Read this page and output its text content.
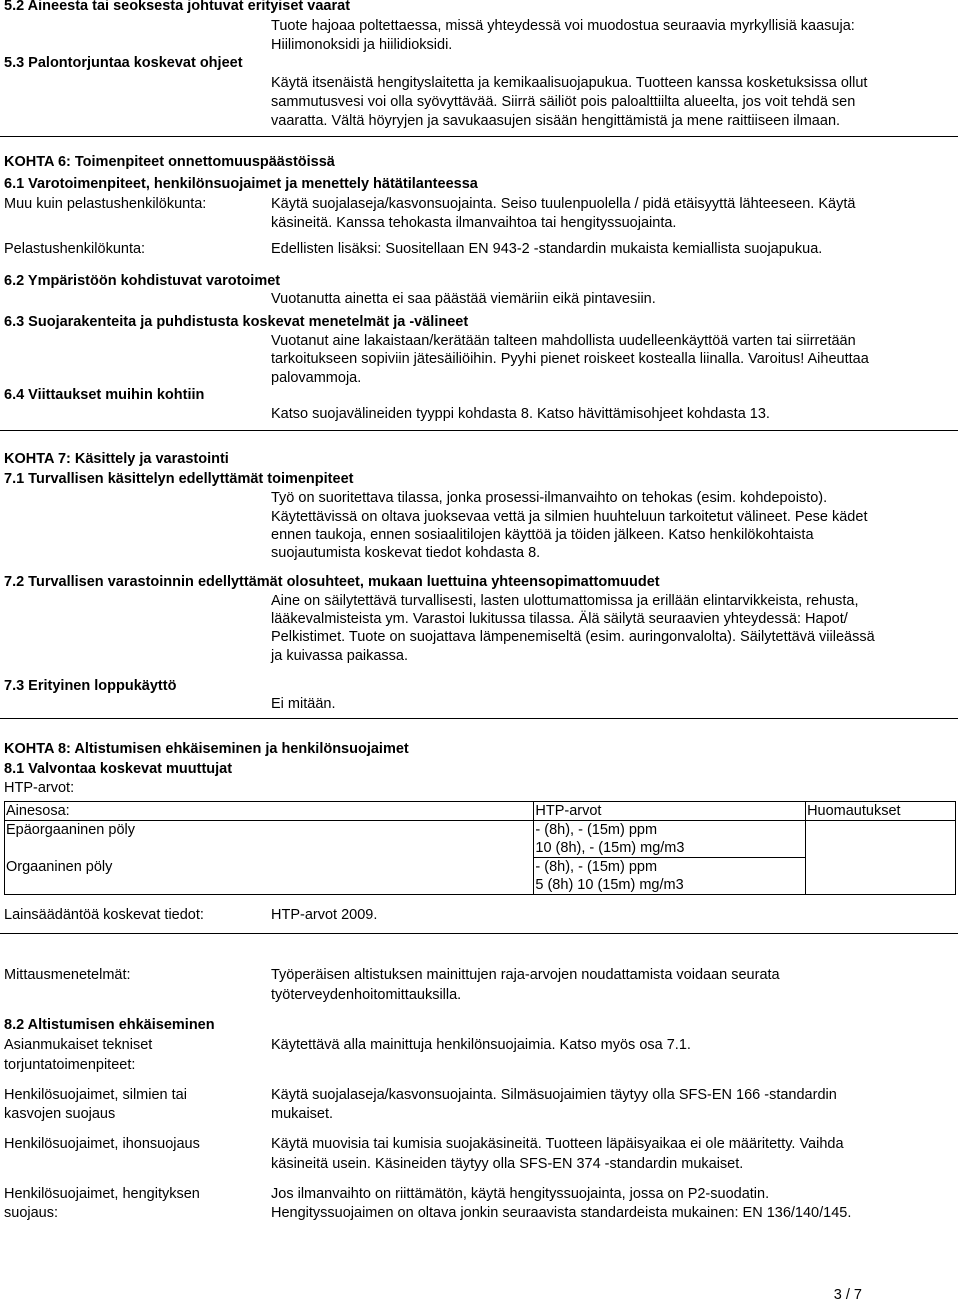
5.2 Aineesta tai seoksesta johtuvat erityiset vaarat
Tuote hajoaa poltettaessa, missä yhteydessä voi muodostua seuraavia myrkyllisiä kaasuja:
Hiilimonoksidi ja hiilidioksidi.
5.3 Palontorjuntaa koskevat ohjeet
Käytä itsenäistä hengityslaitetta ja kemikaalisuojapukua. Tuotteen kanssa kosketuksissa ollut
sammutusvesi voi olla syövyttävää. Siirrä säiliöt pois paloalttiilta alueelta, jos voit tehdä sen
vaaratta. Vältä höyryjen ja savukaasujen sisään hengittämistä ja mene raittiiseen ilmaan.
KOHTA 6: Toimenpiteet onnettomuuspäästöissä
6.1 Varotoimenpiteet, henkilönsuojaimet ja menettely hätätilanteessa
Muu kuin pelastushenkilökunta:	Käytä suojalaseja/kasvonsuojainta. Seiso tuulenpuolella / pidä etäisyyttä lähteeseen. Käytä
käsineitä. Kanssa tehokasta ilmanvaihtoa tai hengityssuojainta.
Pelastushenkilökunta:	Edellisten lisäksi: Suositellaan EN 943-2 -standardin mukaista kemiallista suojapukua.
6.2 Ympäristöön kohdistuvat varotoimet
Vuotanutta ainetta ei saa päästää viemäriin eikä pintavesiin.
6.3 Suojarakenteita ja puhdistusta koskevat menetelmät ja -välineet
Vuotanut aine lakaistaan/kerätään talteen mahdollista uudelleenkäyttöä varten tai siirretään
tarkoitukseen sopiviin jätesäiliöihin. Pyyhi pienet roiskeet kostealla liinalla. Varoitus! Aiheuttaa
palovammoja.
6.4 Viittaukset muihin kohtiin
Katso suojavälineiden tyyppi kohdasta 8. Katso hävittämisohjeet kohdasta 13.
KOHTA 7: Käsittely ja varastointi
7.1 Turvallisen käsittelyn edellyttämät toimenpiteet
Työ on suoritettava tilassa, jonka prosessi-ilmanvaihto on tehokas (esim. kohdepoisto).
Käytettävissä on oltava juoksevaa vettä ja silmien huuhteluun tarkoitetut välineet. Pese kädet
ennen taukoja, ennen sosiaalitilojen käyttöä ja töiden jälkeen. Katso henkilökohtaista
suojautumista koskevat tiedot kohdasta 8.
7.2 Turvallisen varastoinnin edellyttämät olosuhteet, mukaan luettuina yhteensopimattomuudet
Aine on säilytettävä turvallisesti, lasten ulottumattomissa ja erillään elintarvikkeista, rehusta,
lääkevalmisteista ym. Varastoi lukitussa tilassa. Älä säilytä seuraavien yhteydessä: Hapot/
Pelkistimet. Tuote on suojattava lämpenemiseltä (esim. auringonvalolta). Säilytettävä viileässä
ja kuivassa paikassa.
7.3 Erityinen loppukäyttö
Ei mitään.
KOHTA 8: Altistumisen ehkäiseminen ja henkilönsuojaimet
8.1 Valvontaa koskevat muuttujat
HTP-arvot:
Ainesosa:	HTP-arvot	Huomautukset
Epäorgaaninen pöly	- (8h), - (15m) ppm
10 (8h), - (15m) mg/m3	

Orgaaninen pöly	- (8h), - (15m) ppm
5 (8h) 10 (15m) mg/m3	

Lainsäädäntöä koskevat tiedot:	HTP-arvot 2009.
Mittausmenetelmät:	Työperäisen altistuksen mainittujen raja-arvojen noudattamista voidaan seurata
työterveydenhoitomittauksilla.
8.2 Altistumisen ehkäiseminen
Asianmukaiset tekniset
torjuntatoimenpiteet:
Käytettävä alla mainittuja henkilönsuojaimia. Katso myös osa 7.1.
Henkilösuojaimet, silmien tai
kasvojen suojaus
Käytä suojalaseja/kasvonsuojainta. Silmäsuojaimien täytyy olla SFS-EN 166 -standardin
mukaiset.
Henkilösuojaimet, ihonsuojaus	Käytä muovisia tai kumisia suojakäsineitä. Tuotteen läpäisyaikaa ei ole määritetty. Vaihda
käsineitä usein. Käsineiden täytyy olla SFS-EN 374 -standardin mukaiset.
Henkilösuojaimet, hengityksen
suojaus:
Jos ilmanvaihto on riittämätön, käytä hengityssuojainta, jossa on P2-suodatin.
Hengityssuojaimen on oltava jonkin seuraavista standardeista mukainen: EN 136/140/145.
3 / 7
